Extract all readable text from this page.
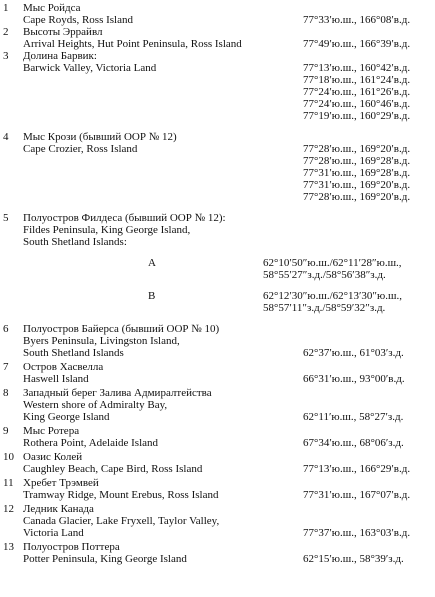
1 Мыс Ройдса
Cape Royds, Ross Island	77°33′ю.ш., 166°08′в.д.
2 Высоты Эррайвл
Arrival Heights, Hut Point Peninsula, Ross Island	77°49′ю.ш., 166°39′в.д.
3 Долина Барвик:
Barwick Valley, Victoria Land	77°13′ю.ш., 160°42′в.д.
77°18′ю.ш., 161°24′в.д.
77°24′ю.ш., 161°26′в.д.
77°24′ю.ш., 160°46′в.д.
77°19′ю.ш., 160°29′в.д.
4 Мыс Крози (бывший ООР № 12)
Cape Crozier, Ross Island	77°28′ю.ш., 169°20′в.д.
77°28′ю.ш., 169°28′в.д.
77°31′ю.ш., 169°28′в.д.
77°31′ю.ш., 169°20′в.д.
77°28′ю.ш., 169°20′в.д.
5 Полуостров Филдеса (бывший ООР № 12):
Fildes Peninsula, King George Island,
South Shetland Islands:
A	62°10′50″ю.ш./62°11′28″ю.ш.,
58°55′27″з.д./58°56′38″з.д.
B	62°12′30″ю.ш./62°13′30″ю.ш.,
58°57′11″з.д./58°59′32″з.д.
6 Полуостров Байерса (бывший ООР № 10)
Byers Peninsula, Livingston Island,
South Shetland Islands	62°37′ю.ш., 61°03′з.д.
7 Остров Хасвелла
Haswell Island	66°31′ю.ш., 93°00′в.д.
8 Западный берег Залива Адмиралтейства
Western shore of Admiralty Bay,
King George Island	62°11′ю.ш., 58°27′з.д.
9 Мыс Ротера
Rothera Point, Adelaide Island	67°34′ю.ш., 68°06′з.д.
10 Оазис Колей
Caughley Beach, Cape Bird, Ross Island	77°13′ю.ш., 166°29′в.д.
11 Хребет Трэмвей
Tramway Ridge, Mount Erebus, Ross Island	77°31′ю.ш., 167°07′в.д.
12 Ледник Канада
Canada Glacier, Lake Fryxell, Taylor Valley,
Victoria Land	77°37′ю.ш., 163°03′в.д.
13 Полуостров Поттера
Potter Peninsula, King George Island	62°15′ю.ш., 58°39′з.д.
